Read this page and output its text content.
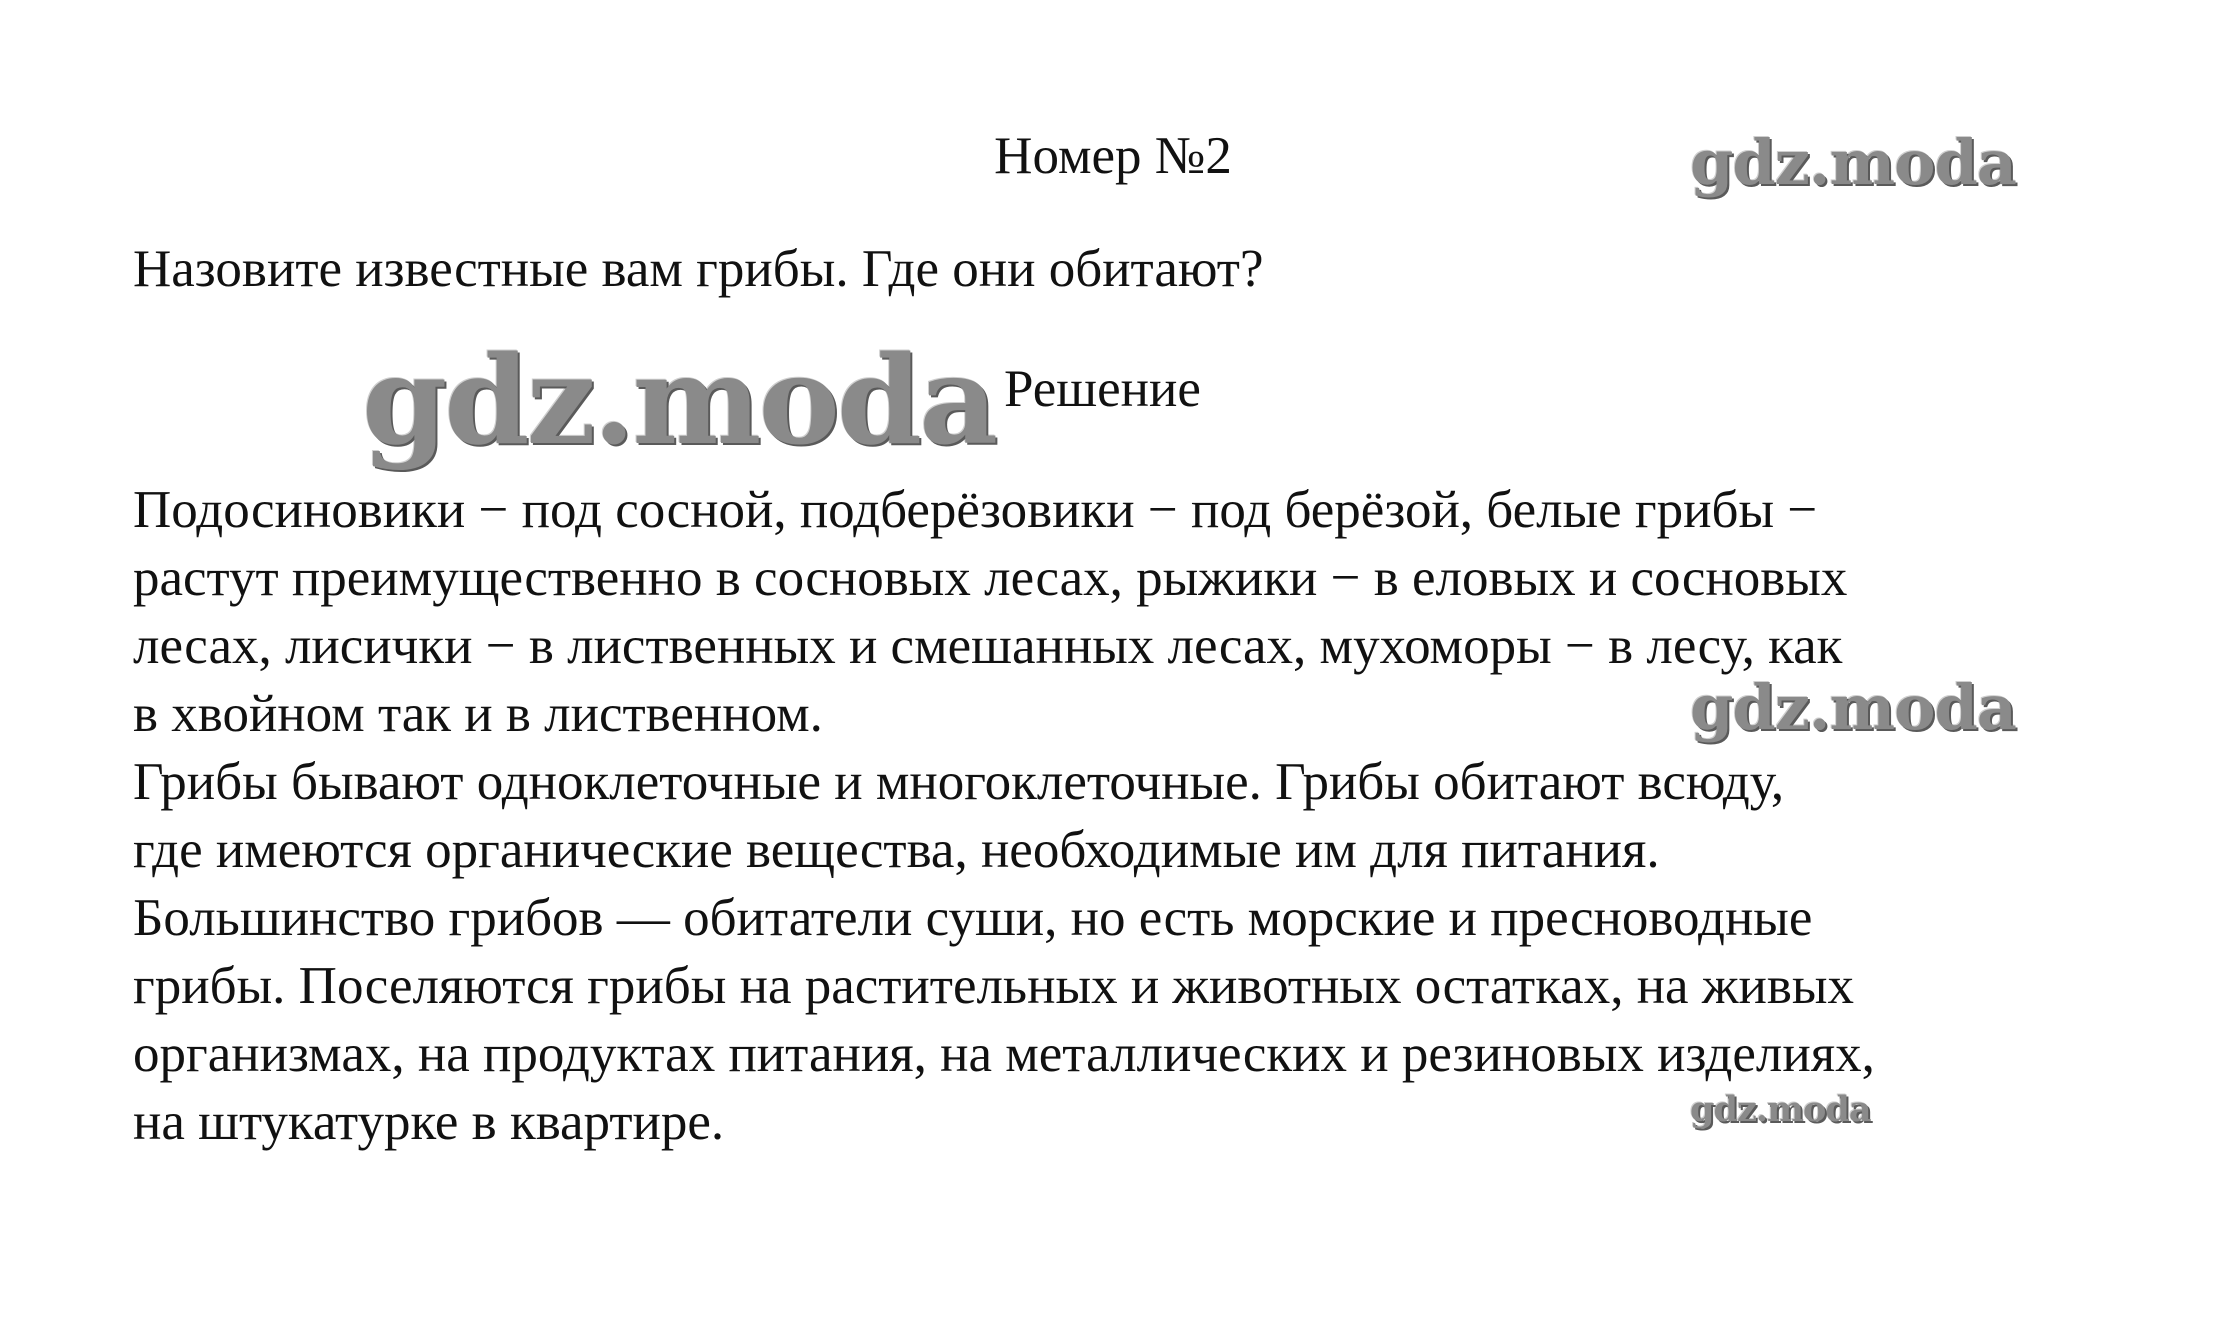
Номер №2	gdz.moda
Назовите известные вам грибы. Где они обитают?
gdz.moda Решение
Подосиновики − под сосной, подберёзовики − под берёзой, белые грибы −
растут преимущественно в сосновых лесах, рыжики − в еловых и сосновых
лесах, лисички − в лиственных и смешанных лесах, мухоморы − в лесу, как
в хвойном так и в лиственном.
Грибы бывают одноклеточные и многоклеточные. Грибы обитают всюду,
где имеются органические вещества, необходимые им для питания.
Большинство грибов — обитатели суши, но есть морские и пресноводные
грибы. Поселяются грибы на растительных и животных остатках, на живых
организмах, на продуктах питания, на металлических и резиновых изделиях,
на штукатурке в квартире.
gdz.moda
gdz.moda
